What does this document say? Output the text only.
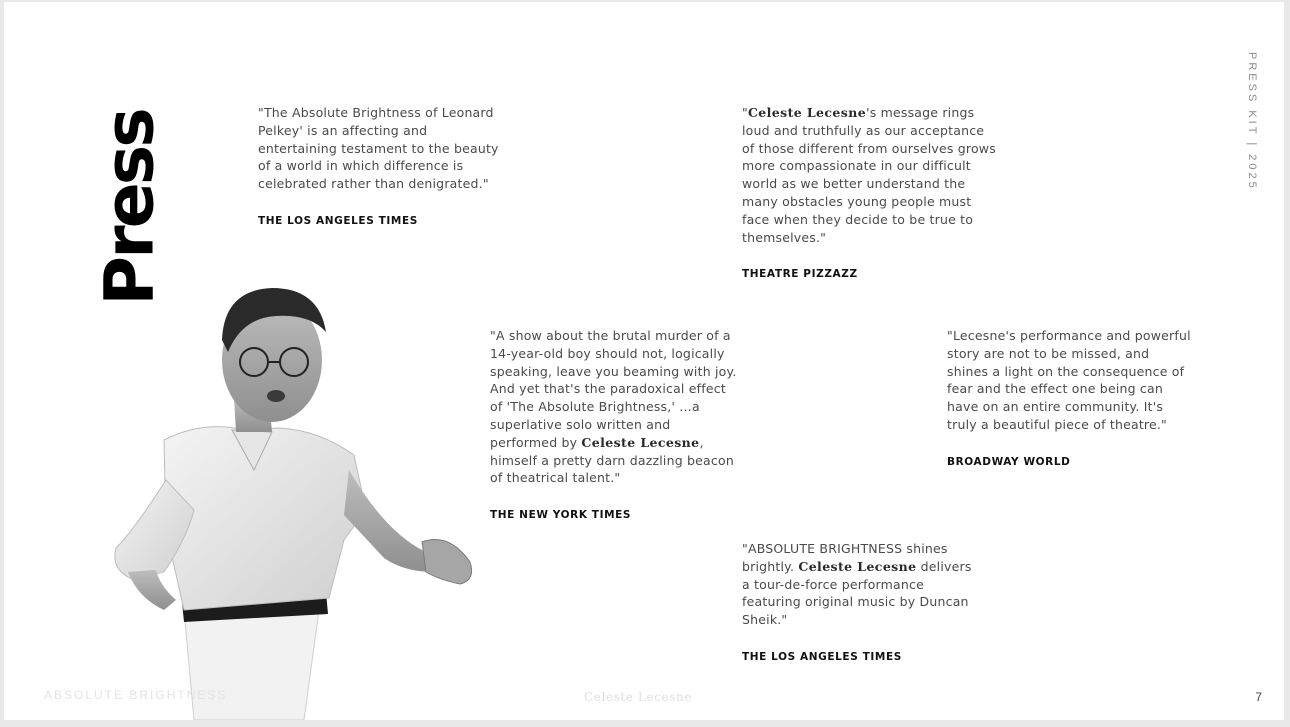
Press	PRESS KIT | 2025

"The Absolute Brightness of Leonard Pelkey' is an affecting and entertaining testament to the beauty of a world in which difference is celebrated rather than denigrated."

THE LOS ANGELES TIMES

"Celeste Lecesne's message rings loud and truthfully as our acceptance of those different from ourselves grows more compassionate in our difficult world as we better understand the many obstacles young people must face when they decide to be true to themselves."

THEATRE PIZZAZZ

"A show about the brutal murder of a 14-year-old boy should not, logically speaking, leave you beaming with joy. And yet that's the paradoxical effect of 'The Absolute Brightness,' …a superlative solo written and performed by Celeste Lecesne, himself a pretty darn dazzling beacon of theatrical talent."

THE NEW YORK TIMES

"Lecesne's performance and powerful story are not to be missed, and shines a light on the consequence of fear and the effect one being can have on an entire community. It's truly a beautiful piece of theatre."

BROADWAY WORLD

"ABSOLUTE BRIGHTNESS shines brightly. Celeste Lecesne delivers a tour-de-force performance featuring original music by Duncan Sheik."

THE LOS ANGELES TIMES
ABSOLUTE BRIGHTNESS	Celeste Lecesne	7
